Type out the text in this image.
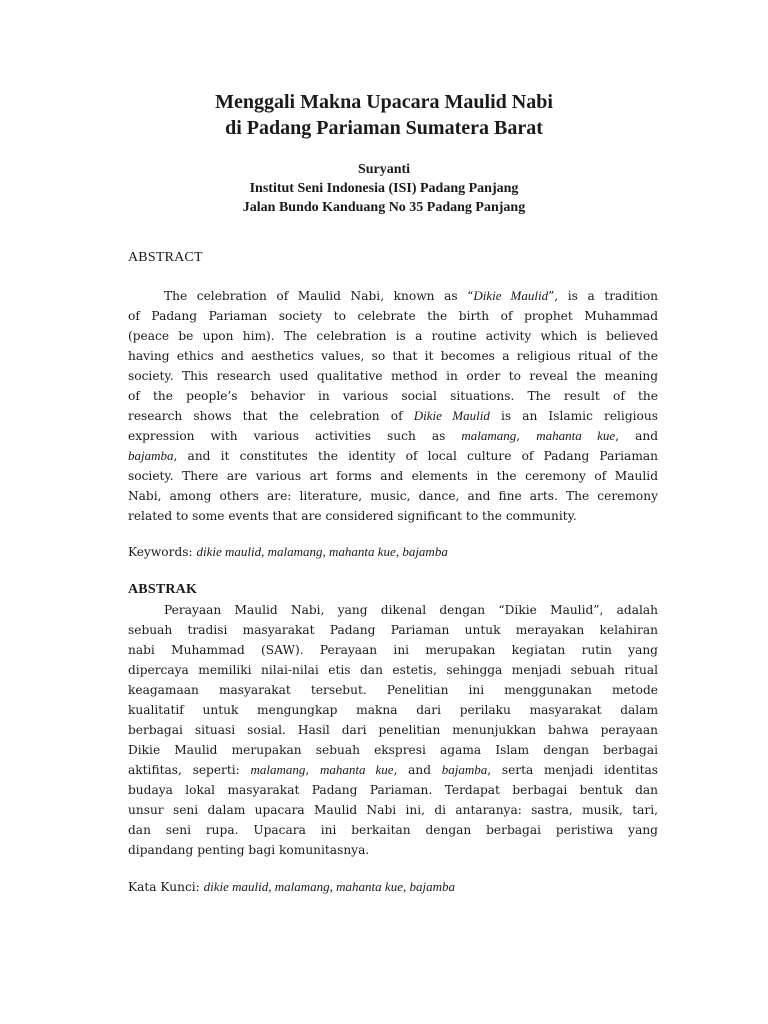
Menggali Makna Upacara Maulid Nabi
di Padang Pariaman Sumatera Barat
Suryanti
Institut Seni Indonesia (ISI) Padang Panjang
Jalan Bundo Kanduang No 35 Padang Panjang
ABSTRACT
The celebration of Maulid Nabi, known as “Dikie Maulid”, is a tradition
of Padang Pariaman society to celebrate the birth of prophet Muhammad
(peace be upon him). The celebration is a routine activity which is believed
having ethics and aesthetics values, so that it becomes a religious ritual of the
society. This research used qualitative method in order to reveal the meaning
of the people’s behavior in various social situations. The result of the
research shows that the celebration of Dikie Maulid is an Islamic religious
expression with various activities such as malamang, mahanta kue, and
bajamba, and it constitutes the identity of local culture of Padang Pariaman
society. There are various art forms and elements in the ceremony of Maulid
Nabi, among others are: literature, music, dance, and fine arts. The ceremony
related to some events that are considered significant to the community.
Keywords: dikie maulid, malamang, mahanta kue, bajamba
ABSTRAK
Perayaan Maulid Nabi, yang dikenal dengan “Dikie Maulid”, adalah
sebuah tradisi masyarakat Padang Pariaman untuk merayakan kelahiran
nabi Muhammad (SAW). Perayaan ini merupakan kegiatan rutin yang
dipercaya memiliki nilai-nilai etis dan estetis, sehingga menjadi sebuah ritual
keagamaan masyarakat tersebut. Penelitian ini menggunakan metode
kualitatif untuk mengungkap makna dari perilaku masyarakat dalam
berbagai situasi sosial. Hasil dari penelitian menunjukkan bahwa perayaan
Dikie Maulid merupakan sebuah ekspresi agama Islam dengan berbagai
aktifitas, seperti: malamang, mahanta kue, and bajamba, serta menjadi identitas
budaya lokal masyarakat Padang Pariaman. Terdapat berbagai bentuk dan
unsur seni dalam upacara Maulid Nabi ini, di antaranya: sastra, musik, tari,
dan seni rupa. Upacara ini berkaitan dengan berbagai peristiwa yang
dipandang penting bagi komunitasnya.
Kata Kunci: dikie maulid, malamang, mahanta kue, bajamba
